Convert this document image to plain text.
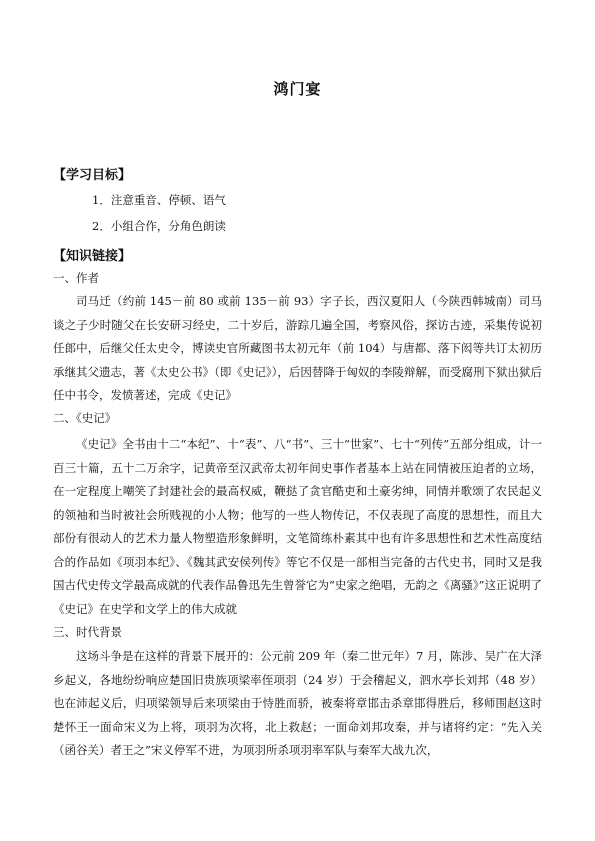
鸿门宴
【学习目标】
1．注意重音、停顿、语气
2．小组合作，分角色朗读
【知识链接】
一、作者

司马迁（约前 145－前 80 或前 135－前 93）字子长，西汉夏阳人（今陕西韩城南）司马谈之子少时随父在长安研习经史，二十岁后，游踪几遍全国，考察风俗，探访古迹，采集传说初任郎中，后继父任太史令，博读史官所藏图书太初元年（前 104）与唐都、落下闳等共订太初历承继其父遗志，著《太史公书》（即《史记》），后因替降于匈奴的李陵辩解，而受腐刑下狱出狱后任中书令，发愤著述，完成《史记》

二、《史记》

《史记》全书由十二“本纪”、十“表”、八“书”、三十“世家”、七十“列传”五部分组成，计一百三十篇，五十二万余字，记黄帝至汉武帝太初年间史事作者基本上站在同情被压迫者的立场，在一定程度上嘲笑了封建社会的最高权威，鞭挞了贪官酷吏和土豪劣绅，同情并歌颂了农民起义的领袖和当时被社会所贱视的小人物；他写的一些人物传记，不仅表现了高度的思想性，而且大部份有很动人的艺术力量人物塑造形象鲜明，文笔简练朴素其中也有许多思想性和艺术性高度结合的作品如《项羽本纪》、《魏其武安侯列传》等它不仅是一部相当完备的古代史书，同时又是我国古代史传文学最高成就的代表作品鲁迅先生曾誉它为“史家之绝唱，无韵之《离骚》”这正说明了《史记》在史学和文学上的伟大成就

三、时代背景

这场斗争是在这样的背景下展开的：公元前 209 年（秦二世元年）7 月，陈涉、吴广在大泽乡起义，各地纷纷响应楚国旧贵族项梁率侄项羽（24 岁）于会稽起义，泗水亭长刘邦（48 岁）也在沛起义后，归项梁领导后来项梁由于恃胜而骄，被秦将章邯击杀章邯得胜后，移师围赵这时楚怀王一面命宋义为上将，项羽为次将，北上救赵；一面命刘邦攻秦，并与诸将约定：“先入关（函谷关）者王之”宋义停军不进，为项羽所杀项羽率军队与秦军大战九次，
